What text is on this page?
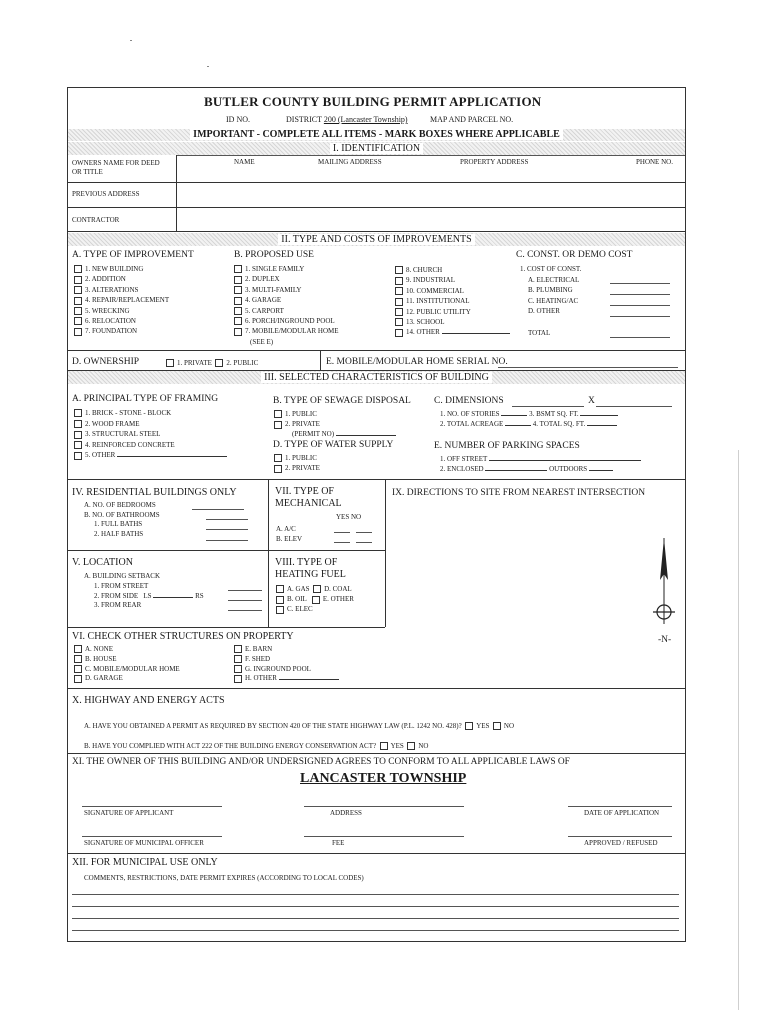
BUTLER COUNTY BUILDING PERMIT APPLICATION
ID NO.	DISTRICT 200 (Lancaster Township)	MAP AND PARCEL NO.
IMPORTANT - COMPLETE ALL ITEMS - MARK BOXES WHERE APPLICABLE
I. IDENTIFICATION
NAME	MAILING ADDRESS	PROPERTY ADDRESS	PHONE NO.
OWNERS NAME FOR DEED OR TITLE
PREVIOUS ADDRESS
CONTRACTOR
II. TYPE AND COSTS OF IMPROVEMENTS
A. TYPE OF IMPROVEMENT
1. NEW BUILDING
2. ADDITION
3. ALTERATIONS
4. REPAIR/REPLACEMENT
5. WRECKING
6. RELOCATION
7. FOUNDATION
B. PROPOSED USE
1. SINGLE FAMILY
2. DUPLEX
3. MULTI-FAMILY
4. GARAGE
5. CARPORT
6. PORCH/INGROUND POOL
7. MOBILE/MODULAR HOME
(SEE E)
8. CHURCH
9. INDUSTRIAL
10. COMMERCIAL
11. INSTITUTIONAL
12. PUBLIC UTILITY
13. SCHOOL
14. OTHER
C. CONST. OR DEMO COST
1. COST OF CONST.
A. ELECTRICAL
B. PLUMBING
C. HEATING/AC
D. OTHER
TOTAL
D. OWNERSHIP	1. PRIVATE 2. PUBLIC	E. MOBILE/MODULAR HOME SERIAL NO.
III. SELECTED CHARACTERISTICS OF BUILDING
A. PRINCIPAL TYPE OF FRAMING
1. BRICK - STONE - BLOCK
2. WOOD FRAME
3. STRUCTURAL STEEL
4. REINFORCED CONCRETE
5. OTHER
B. TYPE OF SEWAGE DISPOSAL
1. PUBLIC
2. PRIVATE
(PERMIT NO)
D. TYPE OF WATER SUPPLY
1. PUBLIC
2. PRIVATE
C. DIMENSIONS	X
1. NO. OF STORIES	3. BSMT SQ. FT.
2. TOTAL ACREAGE	4. TOTAL SQ. FT.
E. NUMBER OF PARKING SPACES
1. OFF STREET
2. ENCLOSED	OUTDOORS
IV. RESIDENTIAL BUILDINGS ONLY
A. NO. OF BEDROOMS
B. NO. OF BATHROOMS
1. FULL BATHS
2. HALF BATHS
VII. TYPE OF
MECHANICAL
YES NO
A. A/C
B. ELEV
IX. DIRECTIONS TO SITE FROM NEAREST INTERSECTION
V. LOCATION
A. BUILDING SETBACK
1. FROM STREET
2. FROM SIDE LS	RS
3. FROM REAR
VIII. TYPE OF
HEATING FUEL
A. GAS D. COAL
B. OIL E. OTHER
C. ELEC
VI. CHECK OTHER STRUCTURES ON PROPERTY
A. NONE
B. HOUSE
C. MOBILE/MODULAR HOME
D. GARAGE
E. BARN
F. SHED
G. INGROUND POOL
H. OTHER
-N-
X. HIGHWAY AND ENERGY ACTS
A. HAVE YOU OBTAINED A PERMIT AS REQUIRED BY SECTION 420 OF THE STATE HIGHWAY LAW (P.L. 1242 NO. 428)? YES NO
B. HAVE YOU COMPLIED WITH ACT 222 OF THE BUILDING ENERGY CONSERVATION ACT? YES NO
XI. THE OWNER OF THIS BUILDING AND/OR UNDERSIGNED AGREES TO CONFORM TO ALL APPLICABLE LAWS OF
LANCASTER TOWNSHIP
SIGNATURE OF APPLICANT	ADDRESS	DATE OF APPLICATION
SIGNATURE OF MUNICIPAL OFFICER	FEE	APPROVED / REFUSED
XII. FOR MUNICIPAL USE ONLY
COMMENTS, RESTRICTIONS, DATE PERMIT EXPIRES (ACCORDING TO LOCAL CODES)
